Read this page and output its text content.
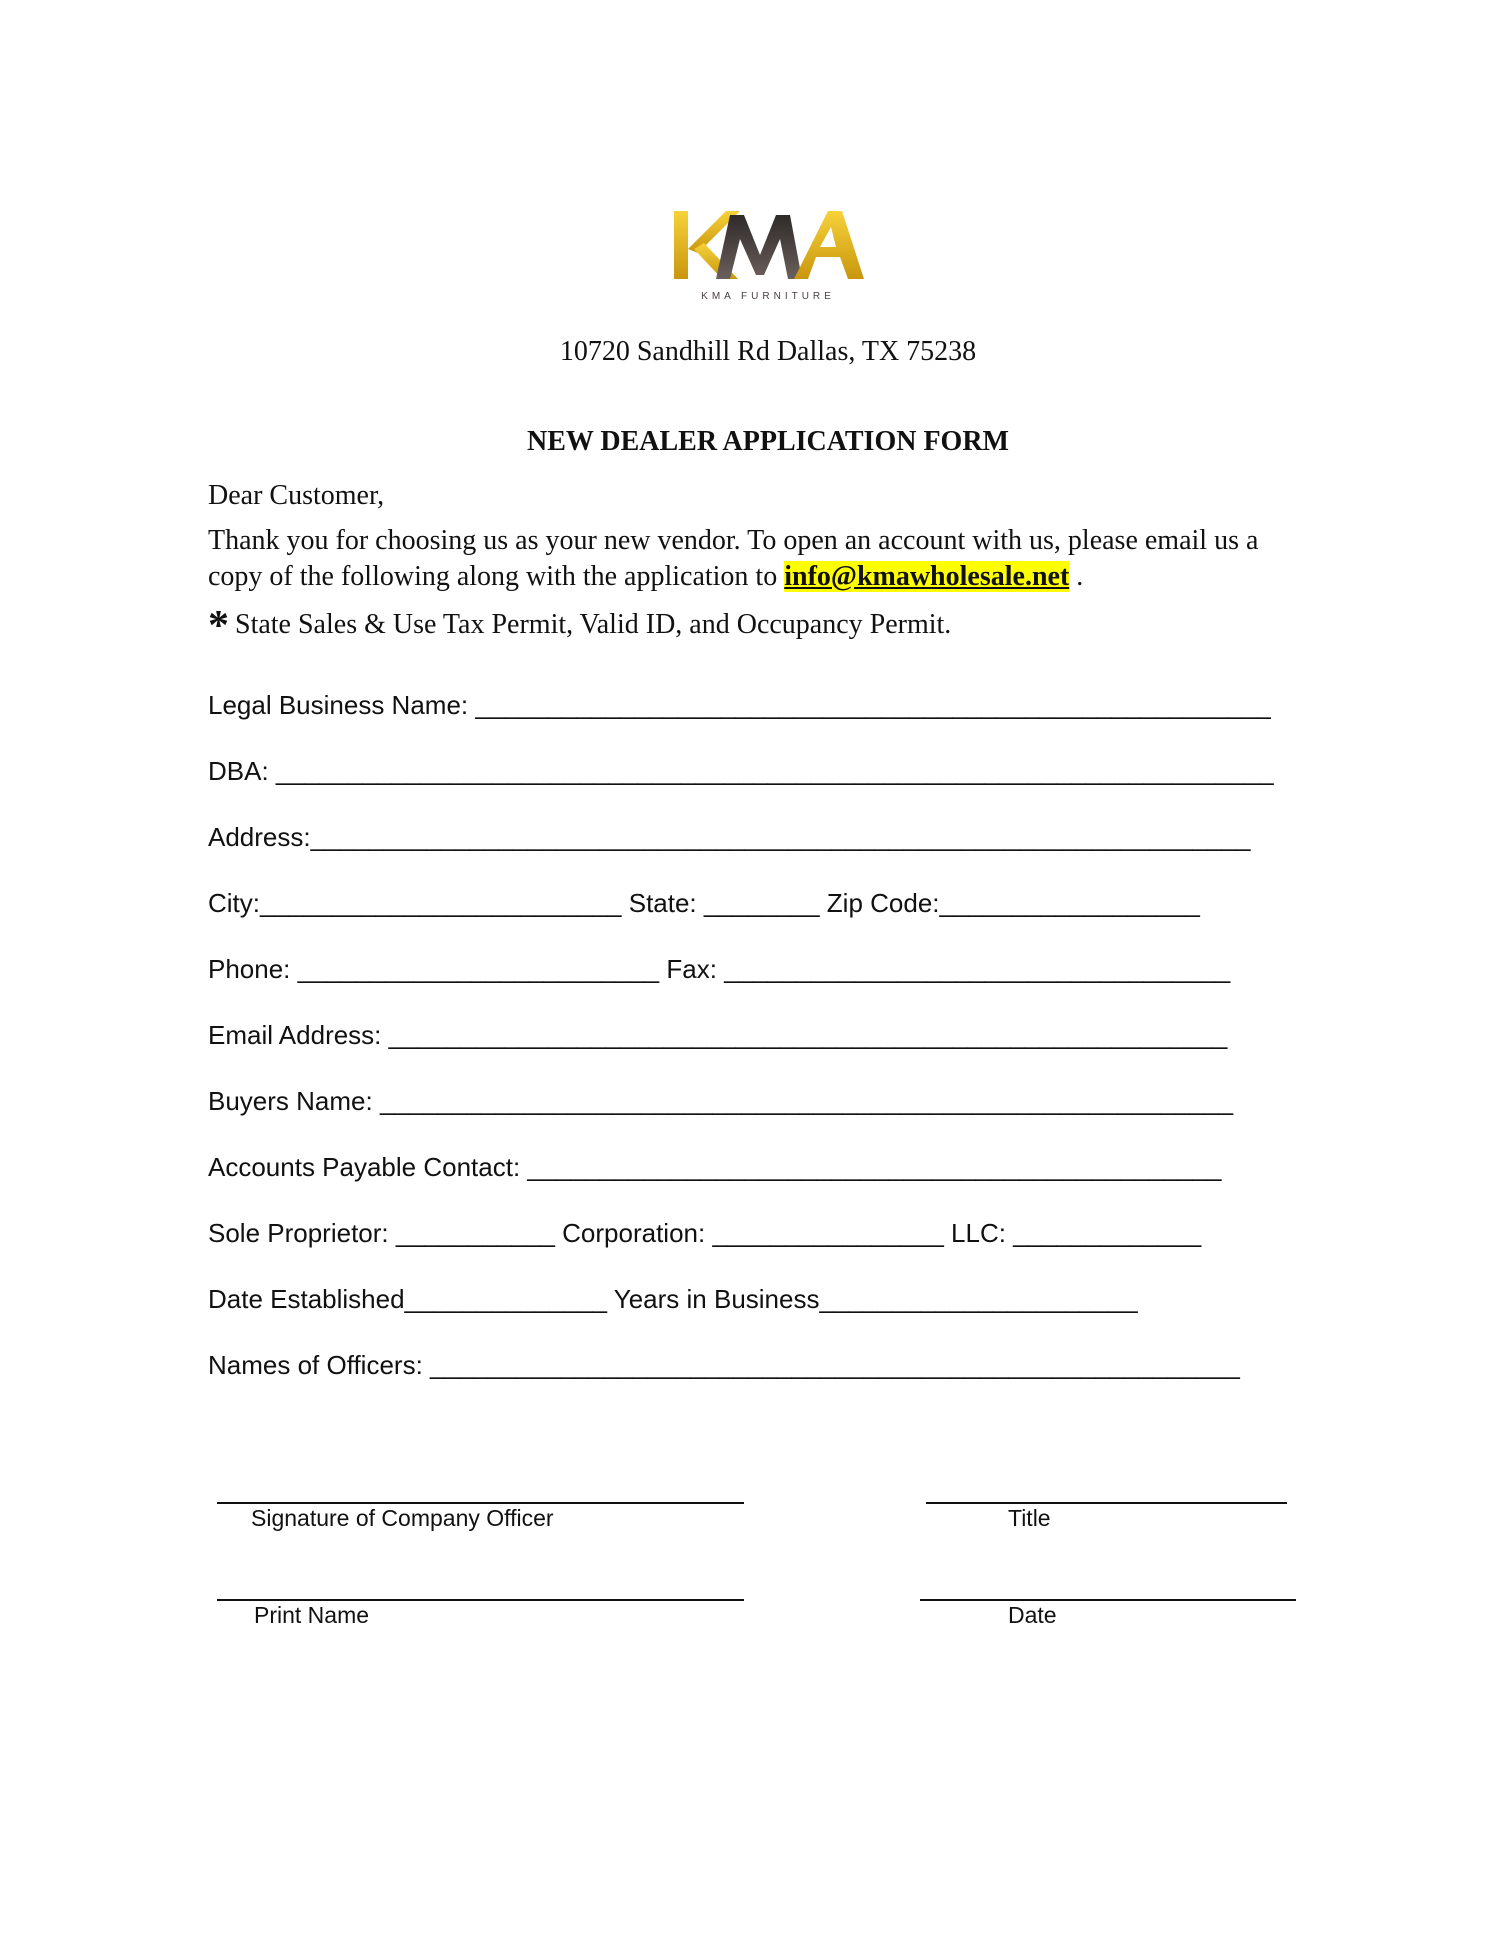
KMA FURNITURE
10720 Sandhill Rd Dallas, TX 75238
NEW DEALER APPLICATION FORM
Dear Customer,
Thank you for choosing us as your new vendor. To open an account with us, please email us a copy of the following along with the application to info@kmawholesale.net .
* State Sales & Use Tax Permit, Valid ID, and Occupancy Permit.
Legal Business Name: _______________________________________________________
DBA: _____________________________________________________________________
Address:_________________________________________________________________
City:_________________________ State: ________ Zip Code:__________________
Phone: _________________________ Fax: ___________________________________
Email Address: __________________________________________________________
Buyers Name: ___________________________________________________________
Accounts Payable Contact: ________________________________________________
Sole Proprietor: ___________ Corporation: ________________ LLC: _____________
Date Established______________ Years in Business______________________
Names of Officers: ________________________________________________________
Signature of Company Officer	Title
Print Name	Date
